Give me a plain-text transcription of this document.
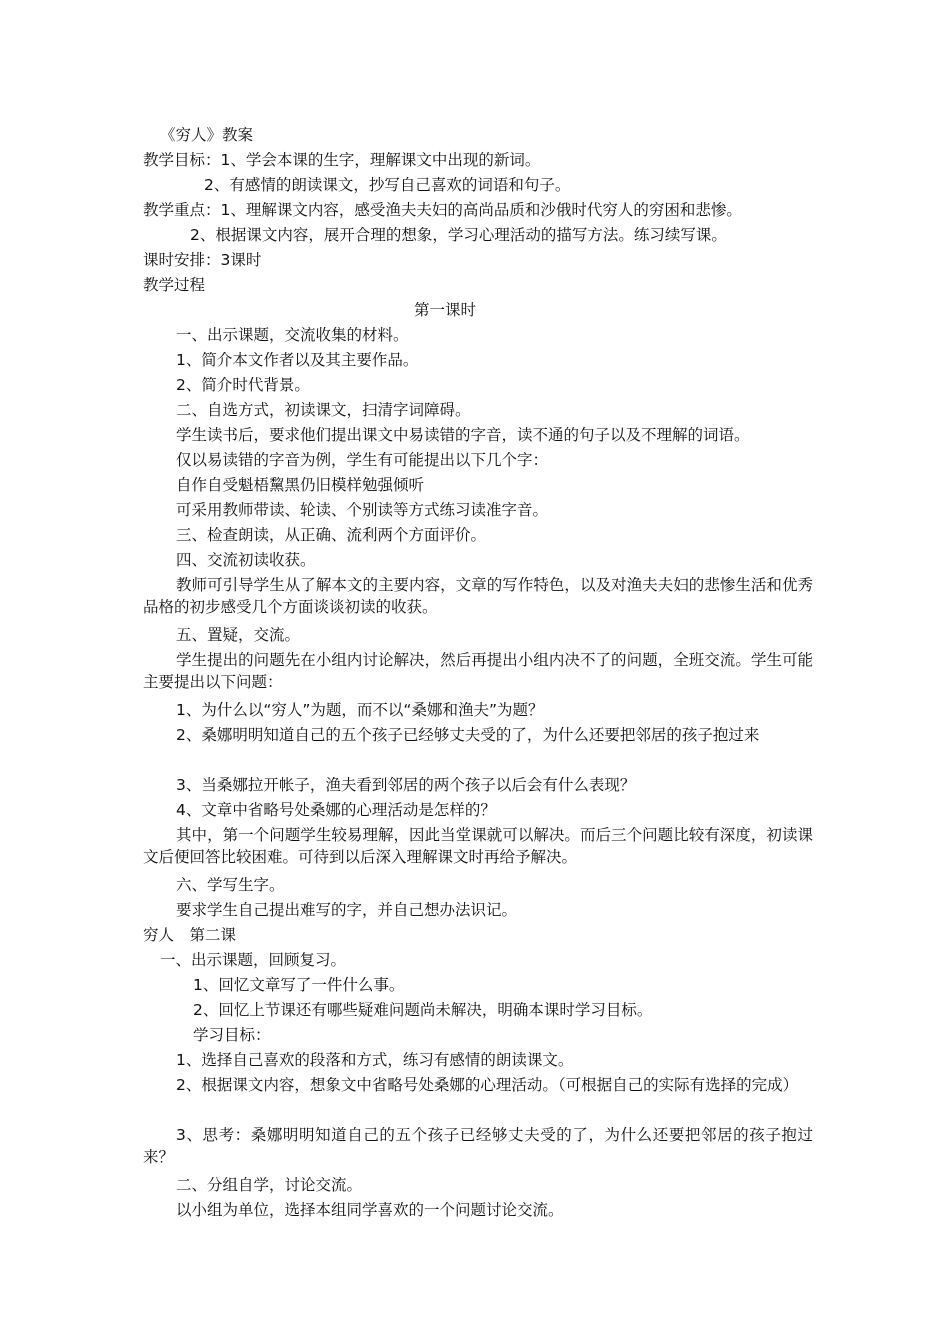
《穷人》教案
教学目标：1、学会本课的生字，理解课文中出现的新词。
2、有感情的朗读课文，抄写自己喜欢的词语和句子。
教学重点：1、理解课文内容，感受渔夫夫妇的高尚品质和沙俄时代穷人的穷困和悲惨。
2、根据课文内容，展开合理的想象，学习心理活动的描写方法。练习续写课。
课时安排：3课时
教学过程
第一课时
一、出示课题，交流收集的材料。
1、简介本文作者以及其主要作品。
2、简介时代背景。
二、自选方式，初读课文，扫清字词障碍。
学生读书后，要求他们提出课文中易读错的字音，读不通的句子以及不理解的词语。
仅以易读错的字音为例，学生有可能提出以下几个字：
自作自受魁梧黧黑仍旧模样勉强倾听
可采用教师带读、轮读、个别读等方式练习读准字音。
三、检查朗读，从正确、流利两个方面评价。
四、交流初读收获。
教师可引导学生从了解本文的主要内容，文章的写作特色，以及对渔夫夫妇的悲惨生活和优秀品格的初步感受几个方面谈谈初读的收获。
五、置疑，交流。
学生提出的问题先在小组内讨论解决，然后再提出小组内决不了的问题，全班交流。学生可能主要提出以下问题：
1、为什么以“穷人”为题，而不以“桑娜和渔夫”为题？
2、桑娜明明知道自己的五个孩子已经够丈夫受的了，为什么还要把邻居的孩子抱过来
3、当桑娜拉开帐子，渔夫看到邻居的两个孩子以后会有什么表现？
4、文章中省略号处桑娜的心理活动是怎样的？
其中，第一个问题学生较易理解，因此当堂课就可以解决。而后三个问题比较有深度，初读课文后便回答比较困难。可待到以后深入理解课文时再给予解决。
六、学写生字。
要求学生自己提出难写的字，并自己想办法识记。
穷人　第二课
一、出示课题，回顾复习。
1、回忆文章写了一件什么事。
2、回忆上节课还有哪些疑难问题尚未解决，明确本课时学习目标。
学习目标：
1、选择自己喜欢的段落和方式，练习有感情的朗读课文。
2、根据课文内容，想象文中省略号处桑娜的心理活动。（可根据自己的实际有选择的完成）
3、思考：桑娜明明知道自己的五个孩子已经够丈夫受的了，为什么还要把邻居的孩子抱过来？
二、分组自学，讨论交流。
以小组为单位，选择本组同学喜欢的一个问题讨论交流。
